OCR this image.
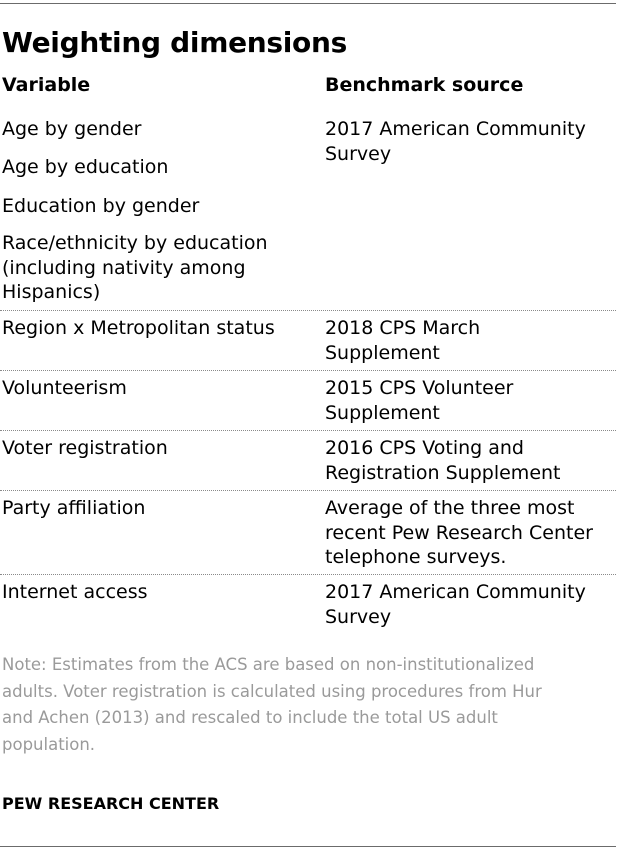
Weighting dimensions
Variable	Benchmark source
Age by gender	2017 American Community
Survey
Age by education
Education by gender
Race/ethnicity by education
(including nativity among
Hispanics)
Region x Metropolitan status	2018 CPS March
Supplement
Volunteerism	2015 CPS Volunteer
Supplement
Voter registration	2016 CPS Voting and
Registration Supplement
Party affiliation	Average of the three most
recent Pew Research Center
telephone surveys.
Internet access	2017 American Community
Survey
Note: Estimates from the ACS are based on non-institutionalized
adults. Voter registration is calculated using procedures from Hur
and Achen (2013) and rescaled to include the total US adult
population.
PEW RESEARCH CENTER
